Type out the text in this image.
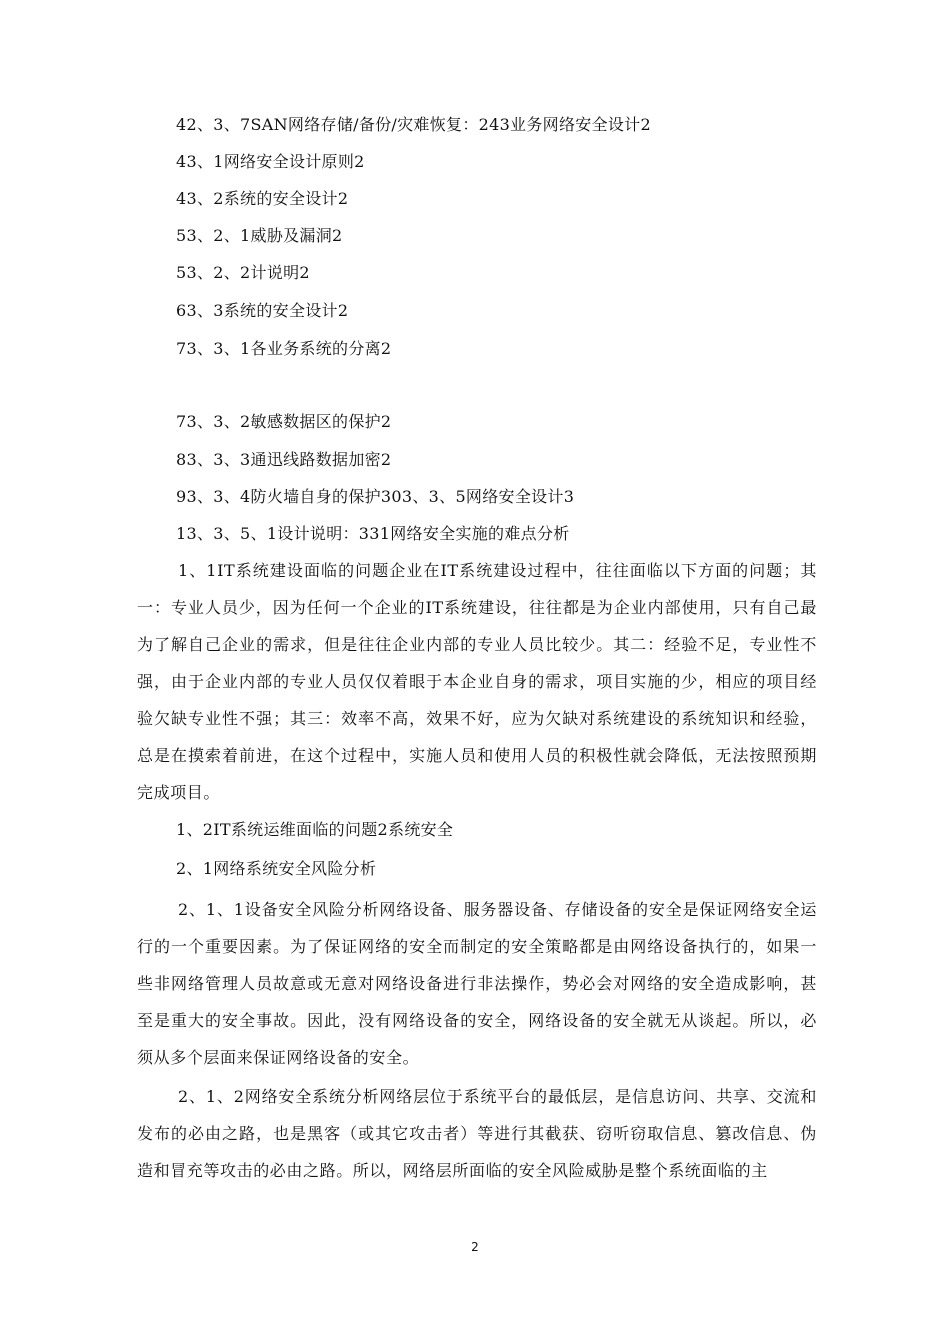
42、3、7SAN网络存储/备份/灾难恢复：243业务网络安全设计2
43、1网络安全设计原则2
43、2系统的安全设计2
53、2、1威胁及漏洞2
53、2、2计说明2
63、3系统的安全设计2
73、3、1各业务系统的分离2
73、3、2敏感数据区的保护2
83、3、3通迅线路数据加密2
93、3、4防火墙自身的保护303、3、5网络安全设计3
13、3、5、1设计说明：331网络安全实施的难点分析

1、1IT系统建设面临的问题企业在IT系统建设过程中，往往面临以下方面的问题；其一：专业人员少，因为任何一个企业的IT系统建设，往往都是为企业内部使用，只有自己最为了解自己企业的需求，但是往往企业内部的专业人员比较少。其二：经验不足，专业性不强，由于企业内部的专业人员仅仅着眼于本企业自身的需求，项目实施的少，相应的项目经验欠缺专业性不强；其三：效率不高，效果不好，应为欠缺对系统建设的系统知识和经验，总是在摸索着前进，在这个过程中，实施人员和使用人员的积极性就会降低，无法按照预期完成项目。

1、2IT系统运维面临的问题2系统安全
2、1网络系统安全风险分析

2、1、1设备安全风险分析网络设备、服务器设备、存储设备的安全是保证网络安全运行的一个重要因素。为了保证网络的安全而制定的安全策略都是由网络设备执行的，如果一些非网络管理人员故意或无意对网络设备进行非法操作，势必会对网络的安全造成影响，甚至是重大的安全事故。因此，没有网络设备的安全，网络设备的安全就无从谈起。所以，必须从多个层面来保证网络设备的安全。

2、1、2网络安全系统分析网络层位于系统平台的最低层，是信息访问、共享、交流和发布的必由之路，也是黑客（或其它攻击者）等进行其截获、窃听窃取信息、篡改信息、伪造和冒充等攻击的必由之路。所以，网络层所面临的安全风险威胁是整个系统面临的主

2
